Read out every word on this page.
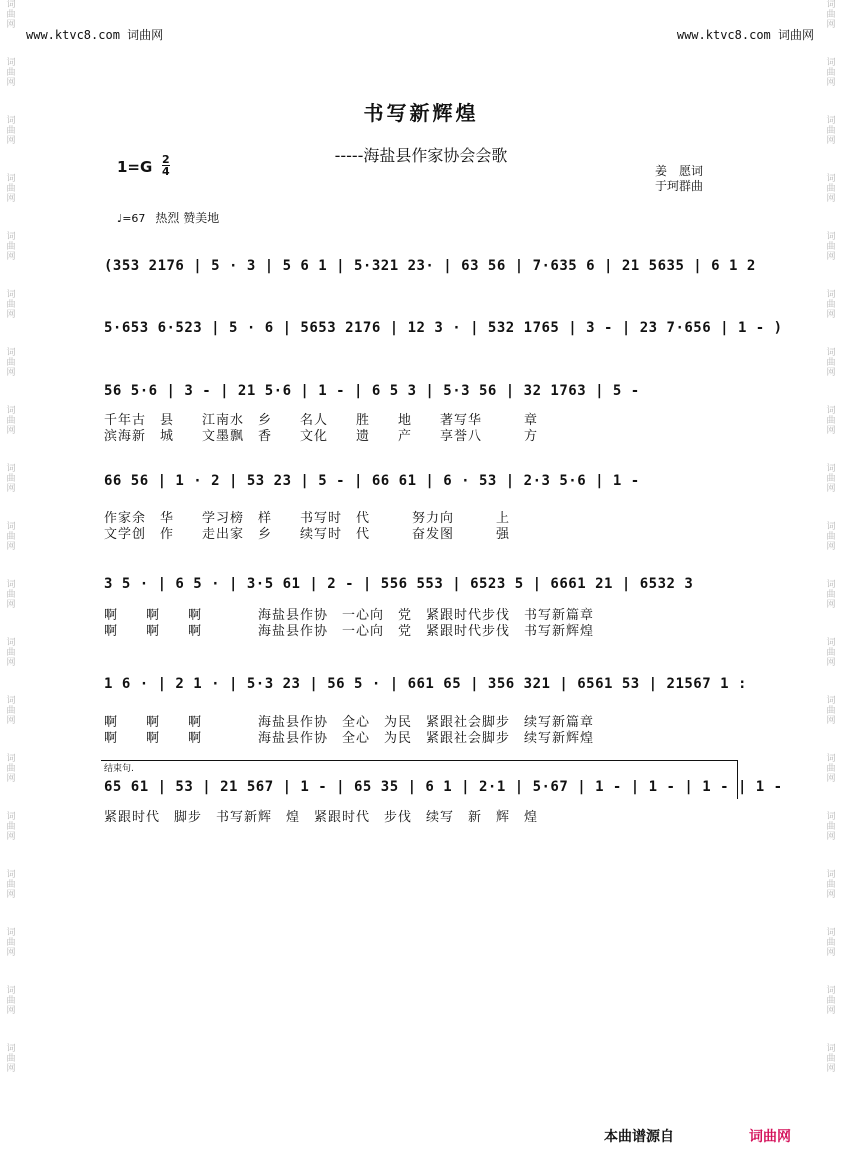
词
曲
网
词
曲
网
词
曲
网
词
曲
网
词
曲
网
词
曲
网
词
曲
网
词
曲
网
词
曲
网
词
曲
网
词
曲
网
词
曲
网
词
曲
网
词
曲
网
词
曲
网
词
曲
网
词
曲
网
词
曲
网
词
曲
网
词
曲
网
词
曲
网
词
曲
网
词
曲
网
词
曲
网
词
曲
网
词
曲
网
词
曲
网
词
曲
网
词
曲
网
词
曲
网
词
曲
网
词
曲
网
词
曲
网
词
曲
网
词
曲
网
词
曲
网
词
曲
网
词
曲
网
www.ktvc8.com 词曲网	www.ktvc8.com 词曲网
书写新辉煌
-----海盐县作家协会会歌
1=G 2
4	姜　愿词
于珂群曲
♩=67 热烈 赞美地
(353 2176 | 5 · 3 | 5 6 1 | 5·321 23· | 63 56 | 7·635 6 | 21 5635 | 6 1 2
5·653 6·523 | 5 · 6 | 5653 2176 | 12 3 · | 532 1765 | 3 - | 23 7·656 | 1 - )
56 5·6 | 3 - | 21 5·6 | 1 - | 6 5 3 | 5·3 56 | 32 1763 | 5 -
千年古　县　　江南水　乡　　名人　　胜　　地　　著写华　　　章
滨海新　城　　文墨飘　香　　文化　　遗　　产　　享誉八　　　方
66 56 | 1 · 2 | 53 23 | 5 - | 66 61 | 6 · 53 | 2·3 5·6 | 1 -
作家余　华　　学习榜　样　　书写时　代　　　努力向　　　上
文学创　作　　走出家　乡　　续写时　代　　　奋发图　　　强
3 5 · | 6 5 · | 3·5 61 | 2 - | 556 553 | 6523 5 | 6661 21 | 6532 3
啊　　啊　　啊　　　　海盐县作协　一心向　党　紧跟时代步伐　书写新篇章
啊　　啊　　啊　　　　海盐县作协　一心向　党　紧跟时代步伐　书写新辉煌
1 6 · | 2 1 · | 5·3 23 | 56 5 · | 661 65 | 356 321 | 6561 53 | 21567 1 :
啊　　啊　　啊　　　　海盐县作协　全心　为民　紧跟社会脚步　续写新篇章
啊　　啊　　啊　　　　海盐县作协　全心　为民　紧跟社会脚步　续写新辉煌
结束句.
65 61 | 53 | 21 567 | 1 - | 65 35 | 6 1 | 2·1 | 5·67 | 1 - | 1 - | 1 - | 1 -
紧跟时代　脚步　书写新辉　煌　紧跟时代　步伐　续写　新　辉　煌
本曲谱源自	词曲网
